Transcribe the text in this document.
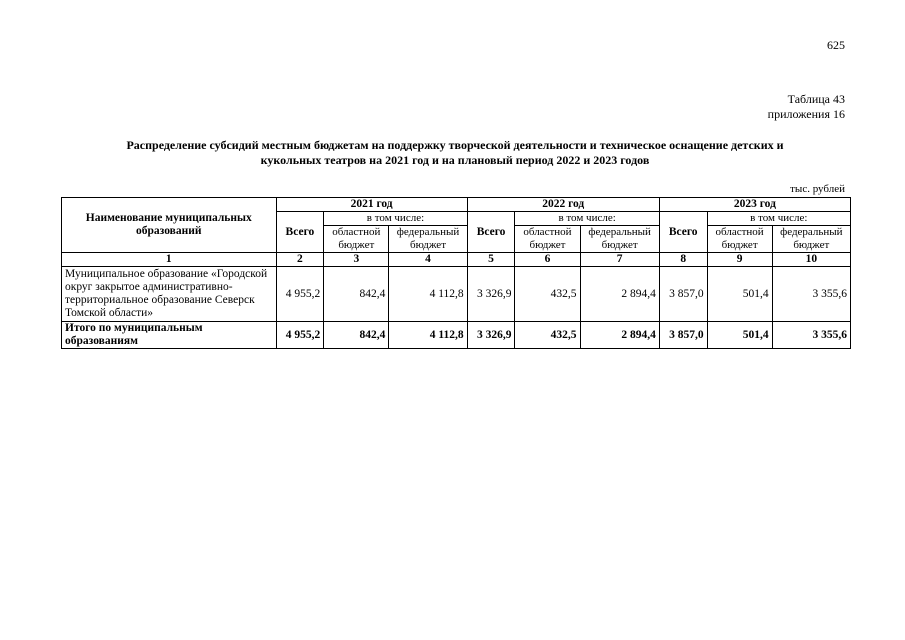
625
Таблица 43
приложения 16
Распределение субсидий местным бюджетам на поддержку творческой деятельности и техническое оснащение детских и
кукольных театров на 2021 год и на плановый период 2022 и 2023 годов
тыс. рублей
Наименование муниципальных образований	2021 год			2022 год			2023 год		
	Всего	в том числе:		Всего	в том числе:		Всего	в том числе:	
		областной бюджет	федеральный бюджет		областной бюджет	федеральный бюджет		областной бюджет	федеральный бюджет
1	2	3	4	5	6	7	8	9	10
Муниципальное образование «Городской округ закрытое административно-территориальное образование Северск Томской области»	4 955,2	842,4	4 112,8	3 326,9	432,5	2 894,4	3 857,0	501,4	3 355,6
Итого по муниципальным образованиям	4 955,2	842,4	4 112,8	3 326,9	432,5	2 894,4	3 857,0	501,4	3 355,6
